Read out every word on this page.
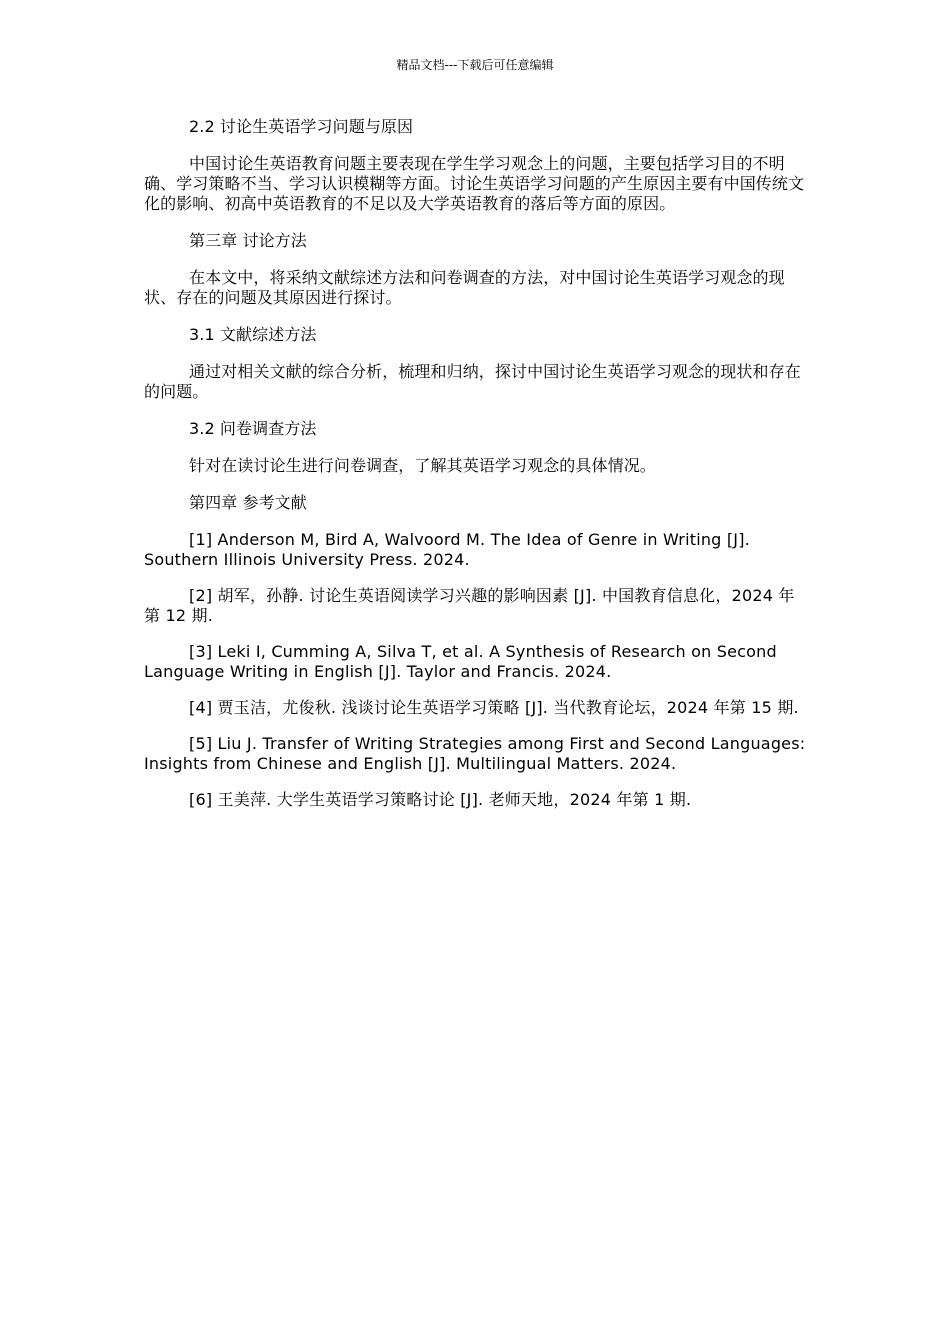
精品文档---下载后可任意编辑

2.2 讨论生英语学习问题与原因

中国讨论生英语教育问题主要表现在学生学习观念上的问题，主要包括学习目的不明确、学习策略不当、学习认识模糊等方面。讨论生英语学习问题的产生原因主要有中国传统文化的影响、初高中英语教育的不足以及大学英语教育的落后等方面的原因。

第三章 讨论方法

在本文中，将采纳文献综述方法和问卷调查的方法，对中国讨论生英语学习观念的现状、存在的问题及其原因进行探讨。

3.1 文献综述方法

通过对相关文献的综合分析，梳理和归纳，探讨中国讨论生英语学习观念的现状和存在的问题。

3.2 问卷调查方法

针对在读讨论生进行问卷调查，了解其英语学习观念的具体情况。

第四章 参考文献

[1] Anderson M, Bird A, Walvoord M. The Idea of Genre in Writing [J]. Southern Illinois University Press. 2024.

[2] 胡军，孙静. 讨论生英语阅读学习兴趣的影响因素 [J]. 中国教育信息化，2024 年第 12 期.

[3] Leki I, Cumming A, Silva T, et al. A Synthesis of Research on Second Language Writing in English [J]. Taylor and Francis. 2024.

[4] 贾玉洁，尤俊秋. 浅谈讨论生英语学习策略 [J]. 当代教育论坛，2024 年第 15 期.

[5] Liu J. Transfer of Writing Strategies among First and Second Languages: Insights from Chinese and English [J]. Multilingual Matters. 2024.

[6] 王美萍. 大学生英语学习策略讨论 [J]. 老师天地，2024 年第 1 期.
